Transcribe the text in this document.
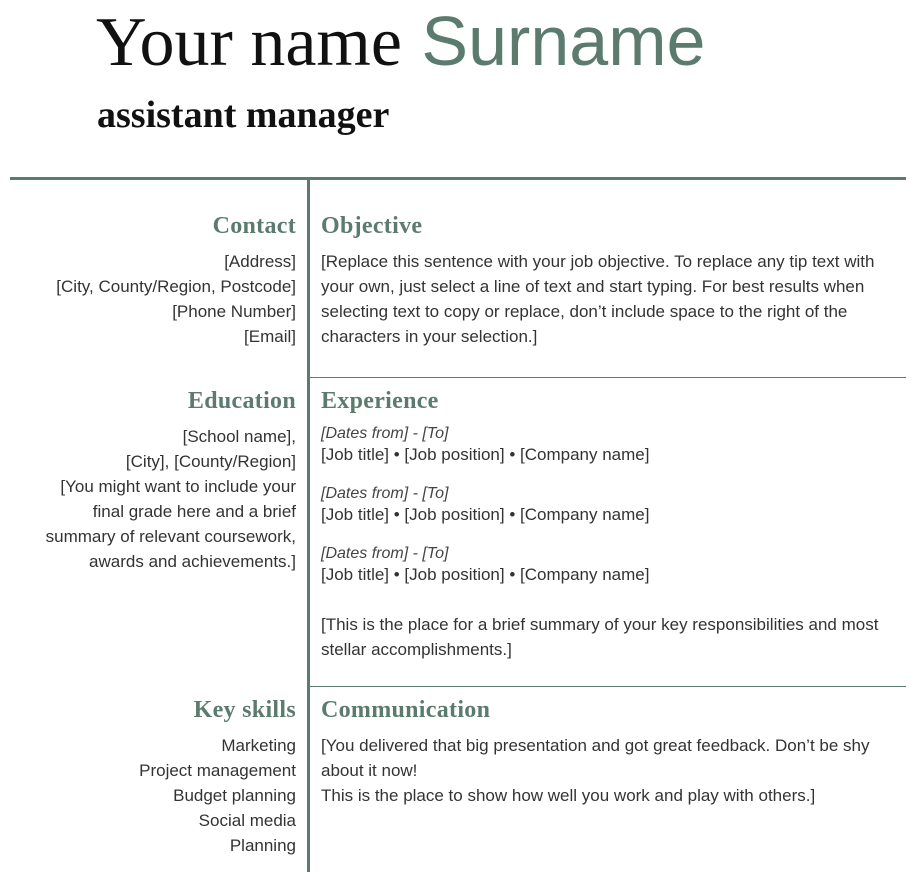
Your name Surname
assistant manager
Contact
[Address]
[City, County/Region, Postcode]
[Phone Number]
[Email]
Objective
[Replace this sentence with your job objective. To replace any tip text with your own, just select a line of text and start typing. For best results when selecting text to copy or replace, don’t include space to the right of the characters in your selection.]
Education
[School name],
[City], [County/Region]
[You might want to include your
final grade here and a brief
summary of relevant coursework,
awards and achievements.]
Experience
[Dates from] - [To]
[Job title] • [Job position] • [Company name]
[Dates from] - [To]
[Job title] • [Job position] • [Company name]
[Dates from] - [To]
[Job title] • [Job position] • [Company name]
[This is the place for a brief summary of your key responsibilities and most stellar accomplishments.]
Key skills
Marketing
Project management
Budget planning
Social media
Planning
Communication
[You delivered that big presentation and got great feedback. Don’t be shy about it now!
This is the place to show how well you work and play with others.]
